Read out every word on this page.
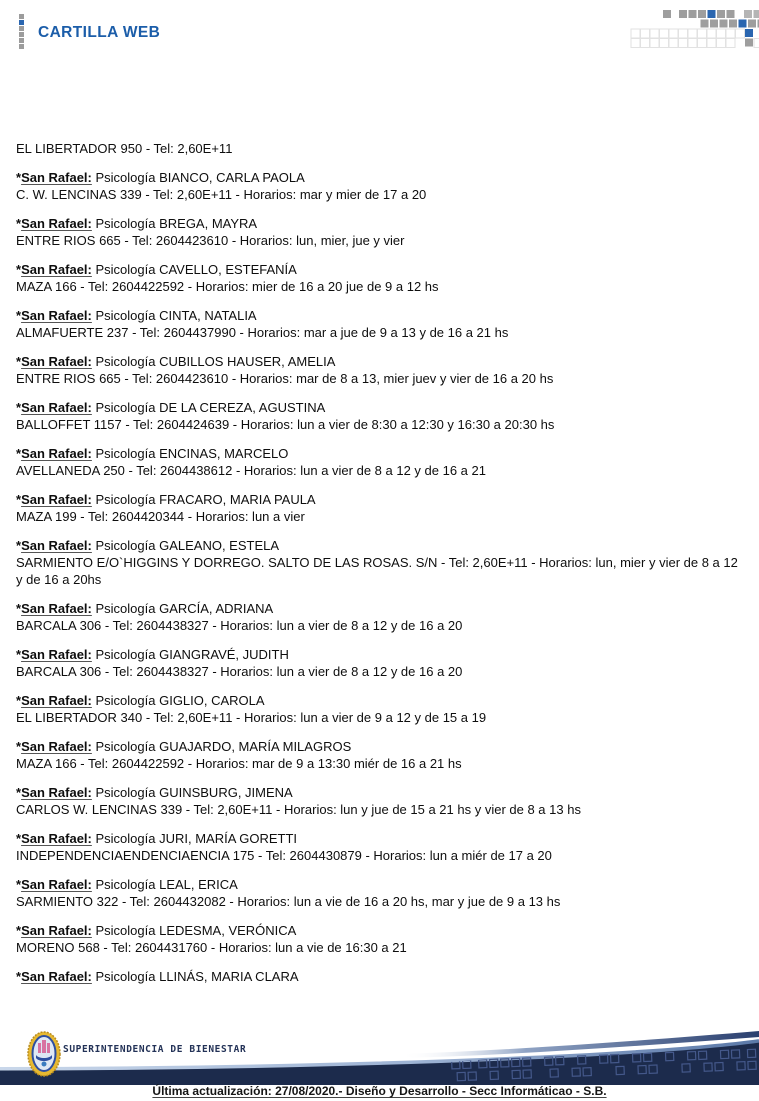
CARTILLA WEB
EL LIBERTADOR 950 - Tel: 2,60E+11
*San Rafael: Psicología BIANCO, CARLA PAOLA
C. W. LENCINAS 339 - Tel: 2,60E+11 - Horarios: mar y mier de 17 a 20
*San Rafael: Psicología BREGA, MAYRA
ENTRE RIOS 665 - Tel: 2604423610 - Horarios: lun, mier, jue y vier
*San Rafael: Psicología CAVELLO, ESTEFANÍA
MAZA 166 - Tel: 2604422592 - Horarios: mier de 16 a 20 jue de 9 a 12 hs
*San Rafael: Psicología CINTA, NATALIA
ALMAFUERTE 237 - Tel: 2604437990 - Horarios: mar a jue de 9 a 13 y de 16 a 21 hs
*San Rafael: Psicología CUBILLOS HAUSER, AMELIA
ENTRE RIOS 665 - Tel: 2604423610 - Horarios: mar de 8 a 13, mier juev y vier de 16 a 20 hs
*San Rafael: Psicología DE LA CEREZA, AGUSTINA
BALLOFFET 1157 - Tel: 2604424639 - Horarios: lun a vier de 8:30 a 12:30 y 16:30 a 20:30 hs
*San Rafael: Psicología ENCINAS, MARCELO
AVELLANEDA 250 - Tel: 2604438612 - Horarios: lun a vier de 8 a 12 y de 16 a 21
*San Rafael: Psicología FRACARO, MARIA PAULA
MAZA 199 - Tel: 2604420344 - Horarios: lun a vier
*San Rafael: Psicología GALEANO, ESTELA
SARMIENTO E/O`HIGGINS Y DORREGO. SALTO DE LAS ROSAS. S/N - Tel: 2,60E+11 - Horarios: lun, mier y vier de 8 a 12 y de 16 a 20hs
*San Rafael: Psicología GARCÍA, ADRIANA
BARCALA 306 - Tel: 2604438327 - Horarios: lun a vier de 8 a 12 y de 16 a 20
*San Rafael: Psicología GIANGRAVÉ, JUDITH
BARCALA 306 - Tel: 2604438327 - Horarios: lun a vier de 8 a 12 y de 16 a 20
*San Rafael: Psicología GIGLIO, CAROLA
EL LIBERTADOR 340 - Tel: 2,60E+11 - Horarios: lun a vier de 9 a 12 y de 15 a 19
*San Rafael: Psicología GUAJARDO, MARÍA MILAGROS
MAZA 166 - Tel: 2604422592 - Horarios: mar de 9 a 13:30 miér de 16 a 21 hs
*San Rafael: Psicología GUINSBURG, JIMENA
CARLOS W. LENCINAS 339 - Tel: 2,60E+11 - Horarios: lun y jue de 15 a 21 hs y vier de 8 a 13 hs
*San Rafael: Psicología JURI, MARÍA GORETTI
INDEPENDENCIAENDENCIAENCIA 175 - Tel: 2604430879 - Horarios: lun a miér de 17 a 20
*San Rafael: Psicología LEAL, ERICA
SARMIENTO 322 - Tel: 2604432082 - Horarios: lun a vie de 16 a 20 hs, mar y jue de 9 a 13 hs
*San Rafael: Psicología LEDESMA, VERÓNICA
MORENO 568 - Tel: 2604431760 - Horarios: lun a vie de 16:30 a 21
*San Rafael: Psicología LLINÁS, MARIA CLARA
SUPERINTENDENCIA DE BIENESTAR
Última actualización: 27/08/2020.- Diseño y Desarrollo - Secc Informáticao - S.B.
